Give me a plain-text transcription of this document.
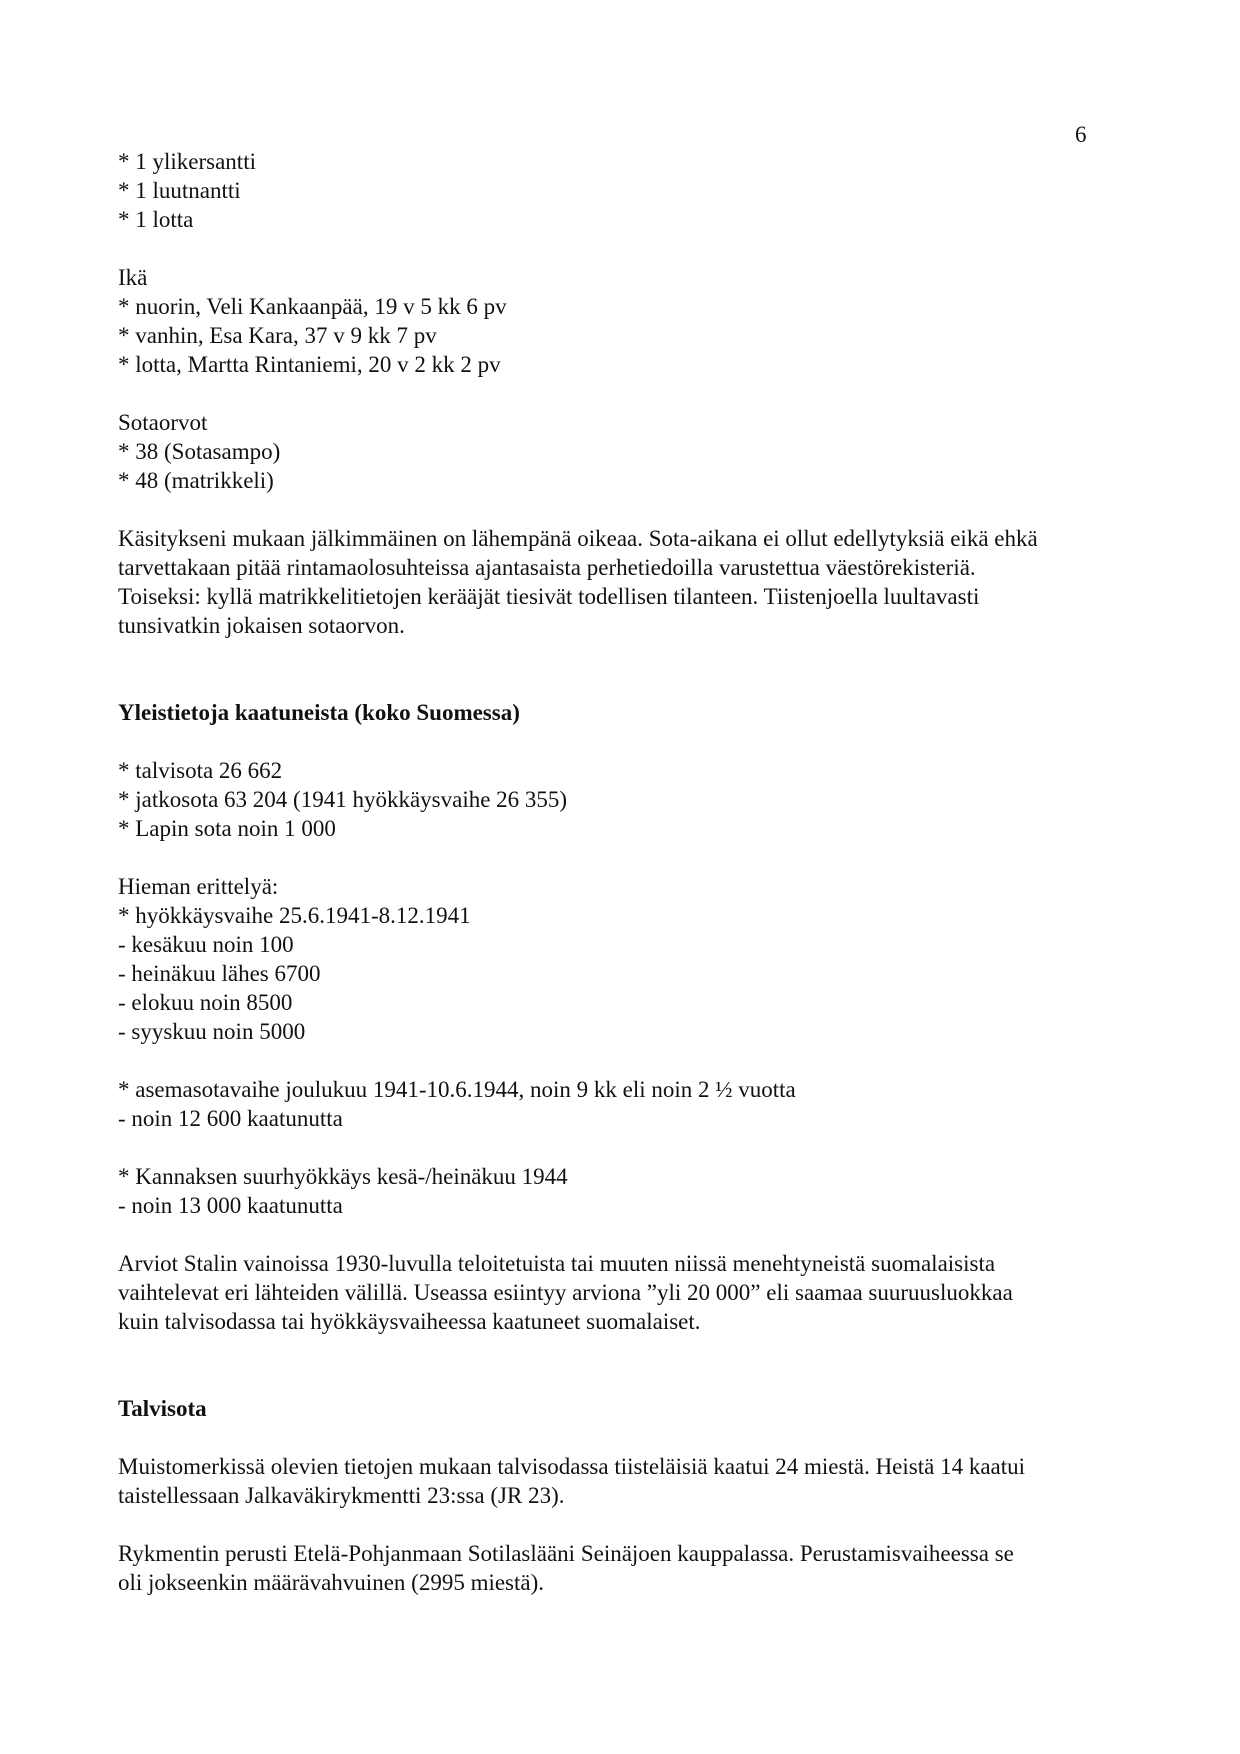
6
* 1 ylikersantti
* 1 luutnantti
* 1 lotta
Ikä
* nuorin, Veli Kankaanpää, 19 v 5 kk 6 pv
* vanhin, Esa Kara, 37 v 9 kk 7 pv
* lotta, Martta Rintaniemi, 20 v 2 kk 2 pv
Sotaorvot
* 38 (Sotasampo)
* 48 (matrikkeli)
Käsitykseni mukaan jälkimmäinen on lähempänä oikeaa. Sota-aikana ei ollut edellytyksiä eikä ehkä
tarvettakaan pitää rintamaolosuhteissa ajantasaista perhetiedoilla varustettua väestörekisteriä.
Toiseksi: kyllä matrikkelitietojen kerääjät tiesivät todellisen tilanteen. Tiistenjoella luultavasti
tunsivatkin jokaisen sotaorvon.
Yleistietoja kaatuneista (koko Suomessa)
* talvisota 26 662
* jatkosota 63 204 (1941 hyökkäysvaihe 26 355)
* Lapin sota noin 1 000
Hieman erittelyä:
* hyökkäysvaihe 25.6.1941-8.12.1941
- kesäkuu noin 100
- heinäkuu lähes 6700
- elokuu noin 8500
- syyskuu noin 5000
* asemasotavaihe joulukuu 1941-10.6.1944, noin 9 kk eli noin 2 ½ vuotta
- noin 12 600 kaatunutta
* Kannaksen suurhyökkäys kesä-/heinäkuu 1944
- noin 13 000 kaatunutta
Arviot Stalin vainoissa 1930-luvulla teloitetuista tai muuten niissä menehtyneistä suomalaisista
vaihtelevat eri lähteiden välillä. Useassa esiintyy arviona ”yli 20 000” eli saamaa suuruusluokkaa
kuin talvisodassa tai hyökkäysvaiheessa kaatuneet suomalaiset.
Talvisota
Muistomerkissä olevien tietojen mukaan talvisodassa tiisteläisiä kaatui 24 miestä. Heistä 14 kaatui
taistellessaan Jalkaväkirykmentti 23:ssa (JR 23).
Rykmentin perusti Etelä-Pohjanmaan Sotilaslääni Seinäjoen kauppalassa. Perustamisvaiheessa se
oli jokseenkin määrävahvuinen (2995 miestä).
